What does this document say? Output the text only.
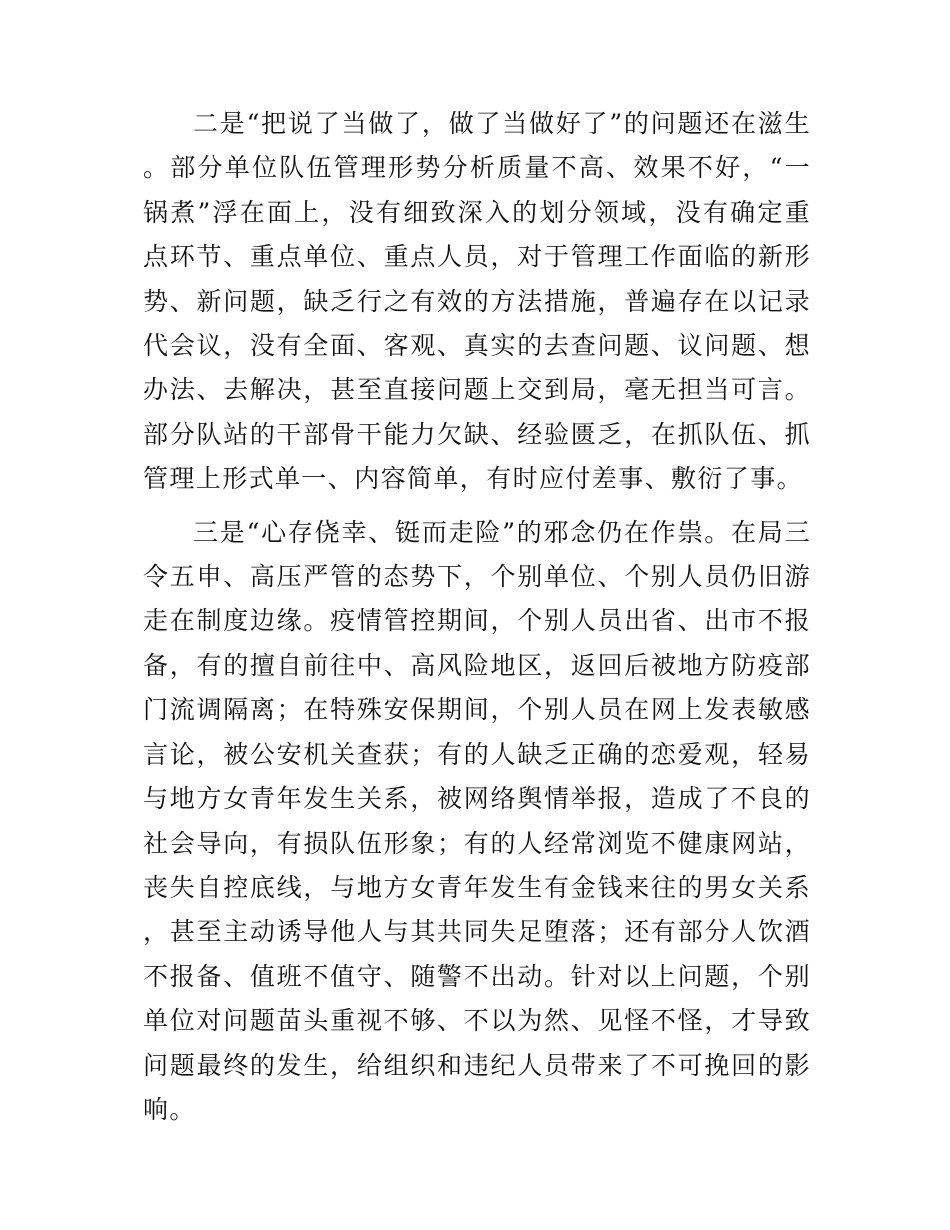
二是“把说了当做了，做了当做好了”的问题还在滋生。部分单位队伍管理形势分析质量不高、效果不好，“一锅煮”浮在面上，没有细致深入的划分领域，没有确定重点环节、重点单位、重点人员，对于管理工作面临的新形势、新问题，缺乏行之有效的方法措施，普遍存在以记录代会议，没有全面、客观、真实的去查问题、议问题、想办法、去解决，甚至直接问题上交到局，毫无担当可言。部分队站的干部骨干能力欠缺、经验匮乏，在抓队伍、抓管理上形式单一、内容简单，有时应付差事、敷衍了事。

三是“心存侥幸、铤而走险”的邪念仍在作祟。在局三令五申、高压严管的态势下，个别单位、个别人员仍旧游走在制度边缘。疫情管控期间，个别人员出省、出市不报备，有的擅自前往中、高风险地区，返回后被地方防疫部门流调隔离；在特殊安保期间，个别人员在网上发表敏感言论，被公安机关查获；有的人缺乏正确的恋爱观，轻易与地方女青年发生关系，被网络舆情举报，造成了不良的社会导向，有损队伍形象；有的人经常浏览不健康网站，丧失自控底线，与地方女青年发生有金钱来往的男女关系，甚至主动诱导他人与其共同失足堕落；还有部分人饮酒不报备、值班不值守、随警不出动。针对以上问题，个别单位对问题苗头重视不够、不以为然、见怪不怪，才导致问题最终的发生，给组织和违纪人员带来了不可挽回的影响。
